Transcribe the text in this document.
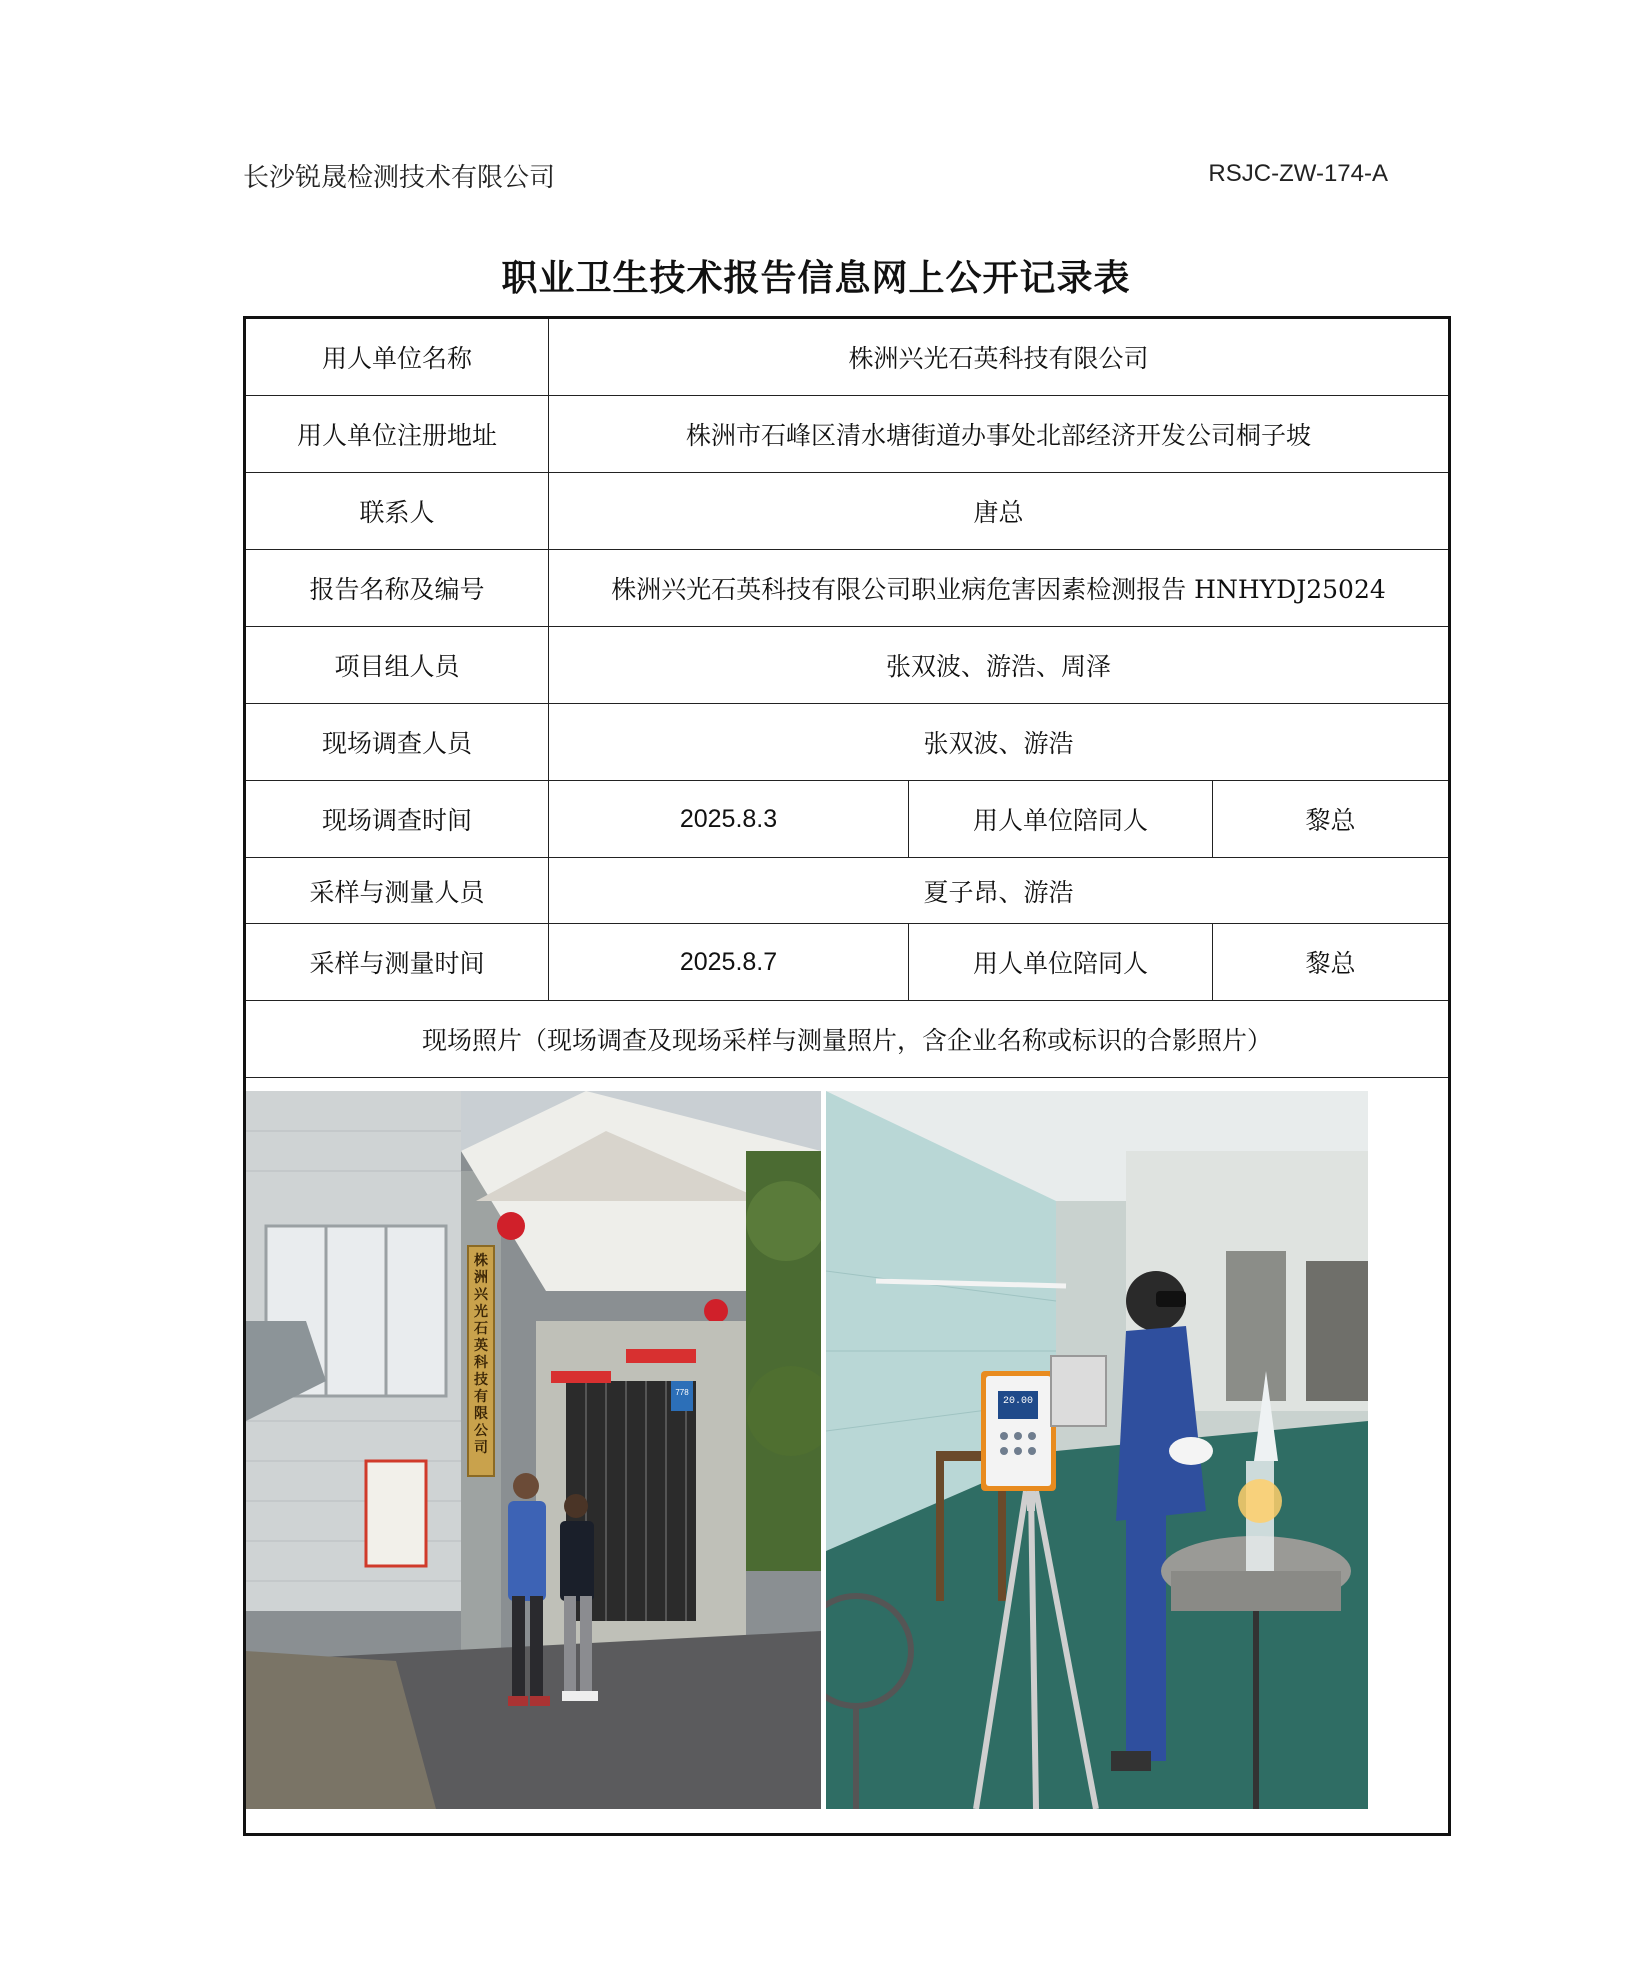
长沙锐晟检测技术有限公司	RSJC-ZW-174-A
职业卫生技术报告信息网上公开记录表
用人单位名称	株洲兴光石英科技有限公司
用人单位注册地址	株洲市石峰区清水塘街道办事处北部经济开发公司桐子坡
联系人	唐总
报告名称及编号	株洲兴光石英科技有限公司职业病危害因素检测报告 HNHYDJ25024
项目组人员	张双波、游浩、周泽
现场调查人员	张双波、游浩
现场调查时间	2025.8.3	用人单位陪同人	黎总
采样与测量人员	夏子昂、游浩
采样与测量时间	2025.8.7	用人单位陪同人	黎总
现场照片（现场调查及现场采样与测量照片，含企业名称或标识的合影照片）
株洲兴光石英科技有限公司
778
20.00
